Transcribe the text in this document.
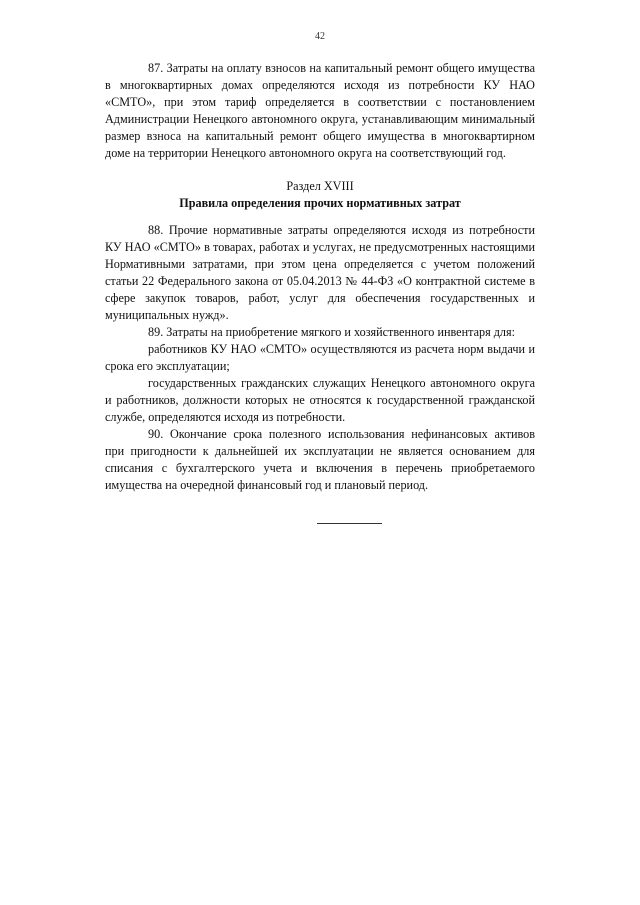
42

87. Затраты на оплату взносов на капитальный ремонт общего имущества в многоквартирных домах определяются исходя из потребности КУ НАО «СМТО», при этом тариф определяется в соответствии с постановлением Администрации Ненецкого автономного округа, устанавливающим минимальный размер взноса на капитальный ремонт общего имущества в многоквартирном доме на территории Ненецкого автономного округа на соответствующий год.

Раздел XVIII

Правила определения прочих нормативных затрат

88. Прочие нормативные затраты определяются исходя из потребности КУ НАО «СМТО» в товарах, работах и услугах, не предусмотренных настоящими Нормативными затратами, при этом цена определяется с учетом положений статьи 22 Федерального закона от 05.04.2013 № 44-ФЗ «О контрактной системе в сфере закупок товаров, работ, услуг для обеспечения государственных и муниципальных нужд».

89. Затраты на приобретение мягкого и хозяйственного инвентаря для:

работников КУ НАО «СМТО» осуществляются из расчета норм выдачи и срока его эксплуатации;

государственных гражданских служащих Ненецкого автономного округа и работников, должности которых не относятся к государственной гражданской службе, определяются исходя из потребности.

90. Окончание срока полезного использования нефинансовых активов при пригодности к дальнейшей их эксплуатации не является основанием для списания с бухгалтерского учета и включения в перечень приобретаемого имущества на очередной финансовый год и плановый период.
